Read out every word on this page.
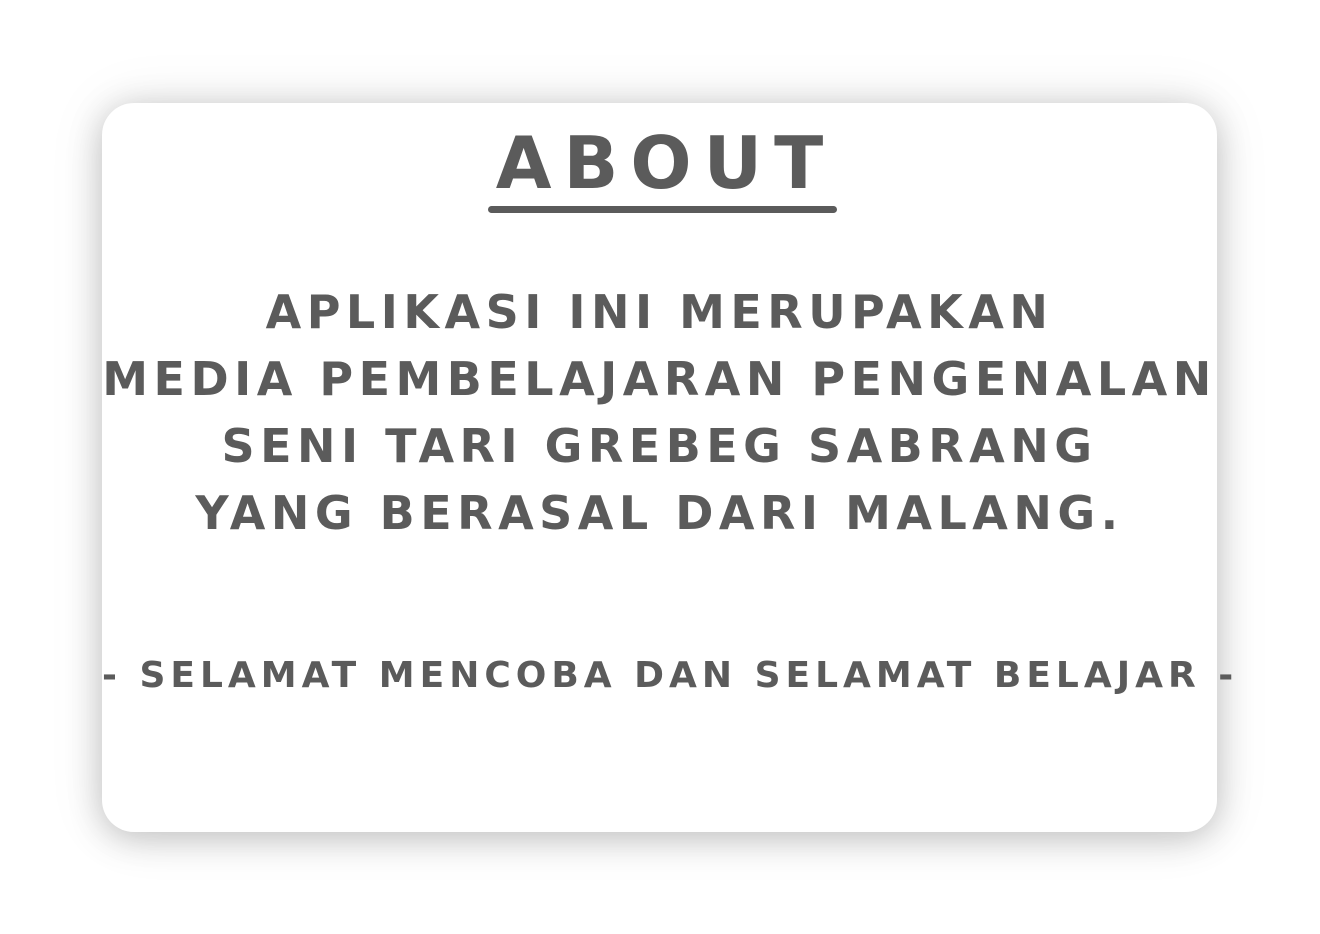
ABOUT
APLIKASI INI MERUPAKAN
MEDIA PEMBELAJARAN PENGENALAN
SENI TARI GREBEG SABRANG
YANG BERASAL DARI MALANG.
- SELAMAT MENCOBA DAN SELAMAT BELAJAR -
